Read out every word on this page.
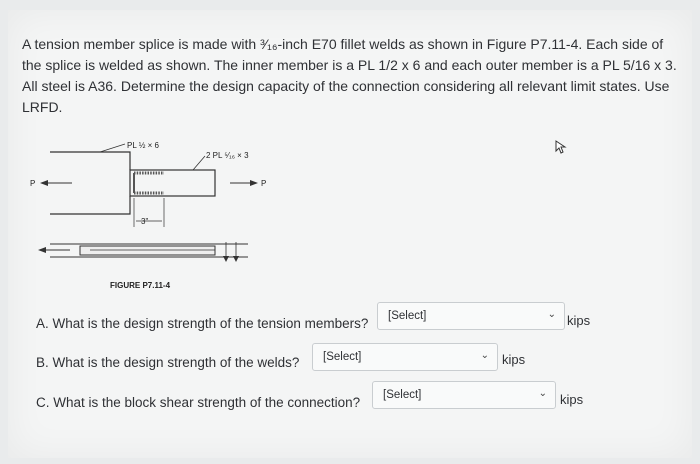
A tension member splice is made with ³⁄₁₆-inch E70 fillet welds as shown in Figure P7.11-4. Each side of the splice is welded as shown. The inner member is a PL 1/2 x 6 and each outer member is a PL 5/16 x 3. All steel is A36. Determine the design capacity of the connection considering all relevant limit states. Use LRFD.
PL ½ × 6
2 PL ⁵⁄₁₆ × 3
P	P
3"
FIGURE P7.11-4
A. What is the design strength of the tension members? [Select]	⌄ kips
B. What is the design strength of the welds? [Select]	⌄ kips
C. What is the block shear strength of the connection? [Select]	⌄ kips
